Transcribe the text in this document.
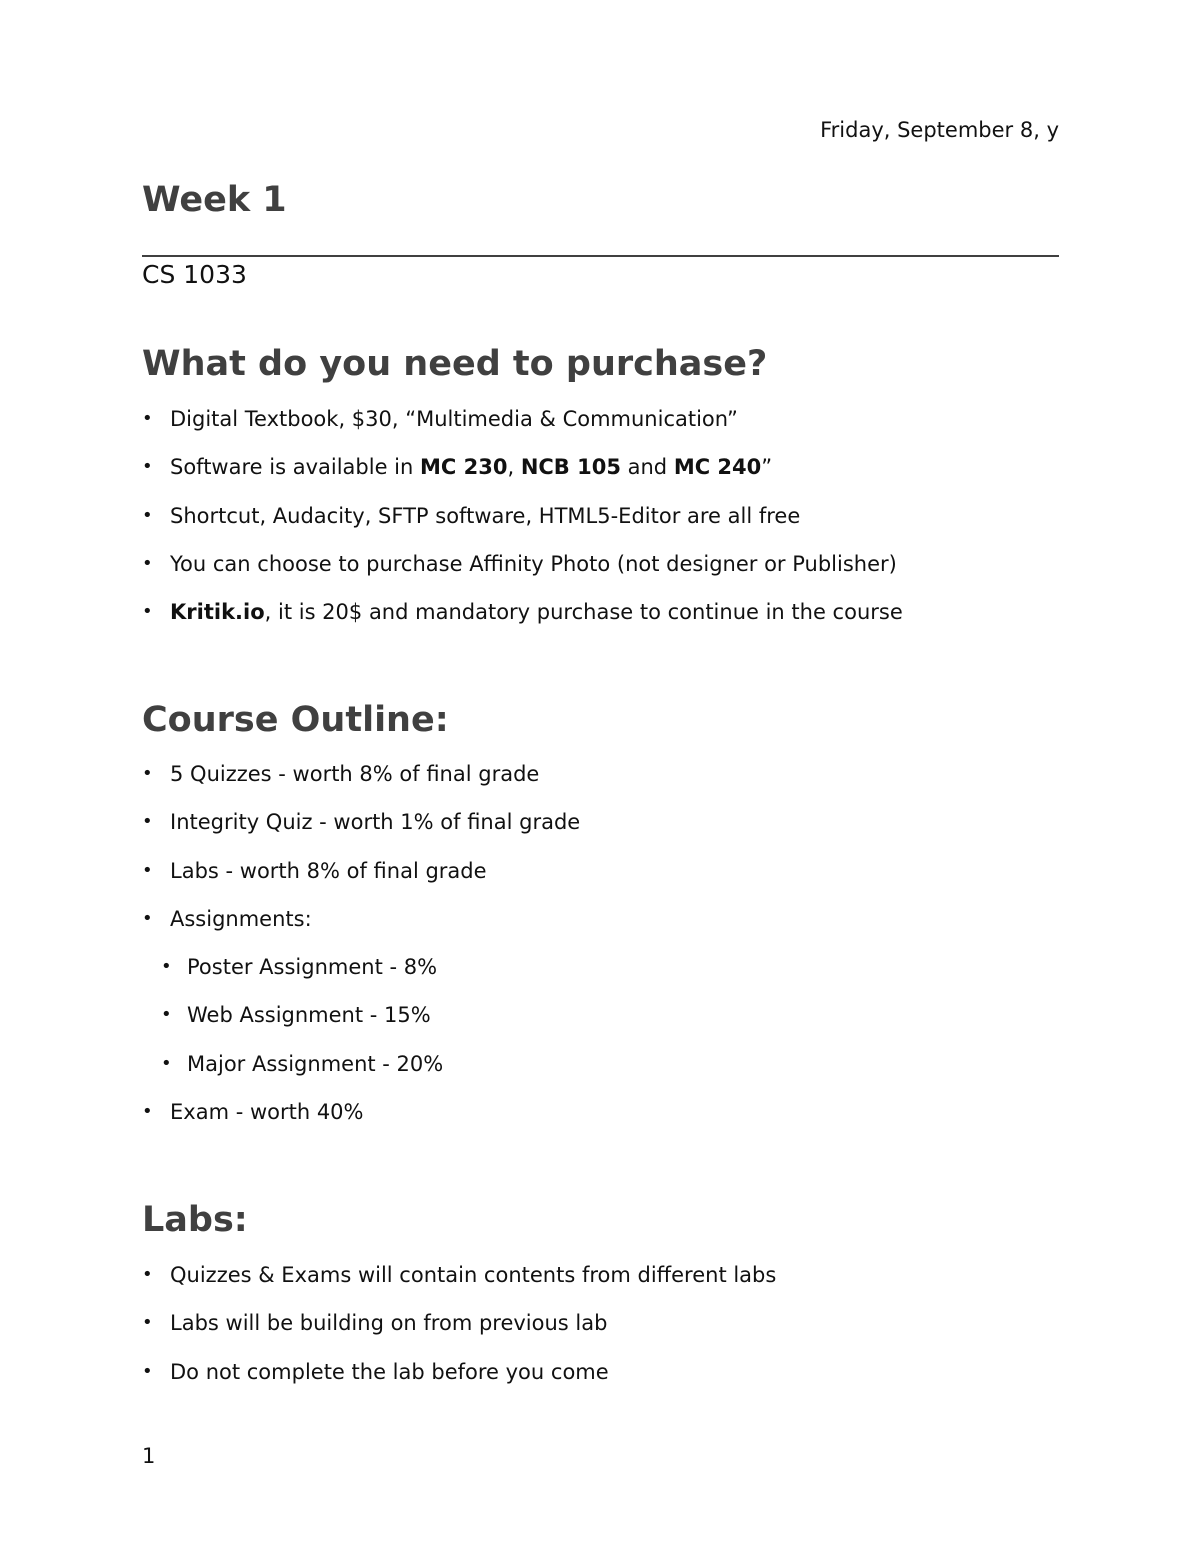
Friday, September 8, y
Week 1
CS 1033
What do you need to purchase?
• Digital Textbook, $30, “Multimedia & Communication”
• Software is available in MC 230, NCB 105 and MC 240”
• Shortcut, Audacity, SFTP software, HTML5-Editor are all free
• You can choose to purchase Affinity Photo (not designer or Publisher)
• Kritik.io, it is 20$ and mandatory purchase to continue in the course
Course Outline:
• 5 Quizzes - worth 8% of final grade
• Integrity Quiz - worth 1% of final grade
• Labs - worth 8% of final grade
• Assignments:
• Poster Assignment - 8%
• Web Assignment - 15%
• Major Assignment - 20%
• Exam - worth 40%
Labs:
• Quizzes & Exams will contain contents from different labs
• Labs will be building on from previous lab
• Do not complete the lab before you come
1
